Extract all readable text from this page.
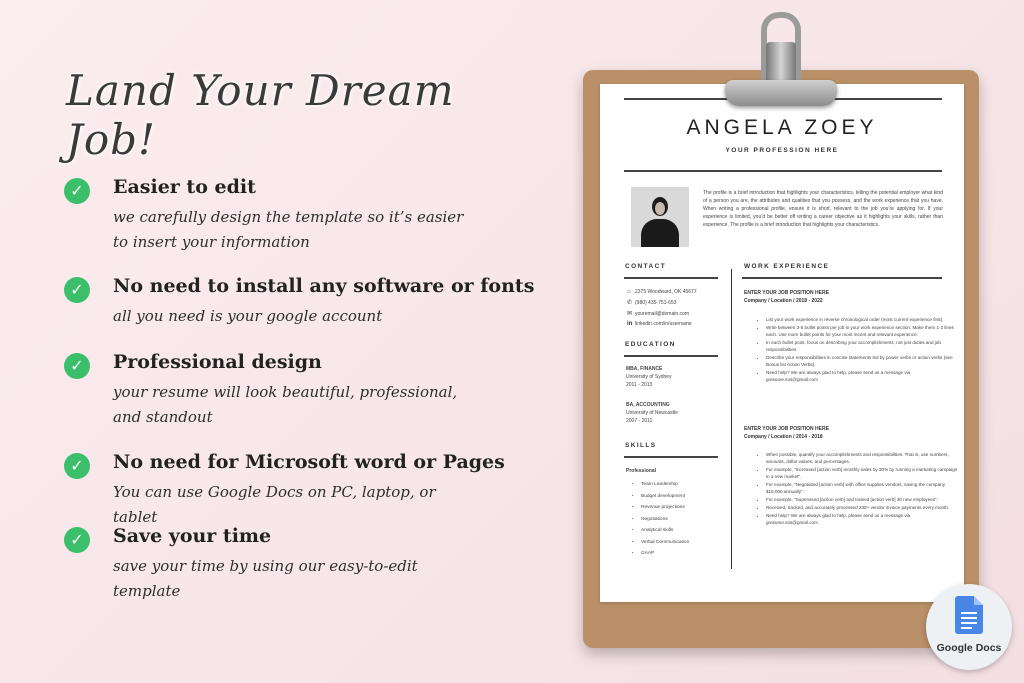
Land Your Dream Job!
✓	Easier to edit
we carefully design the template so it’s easier to insert your information
✓	No need to install any software or fonts
all you need is your google account
✓	Professional design
your resume will look beautiful, professional, and standout
✓	No need for Microsoft word or Pages
You can use Google Docs on PC, laptop, or tablet
✓	Save your time
save your time by using our easy-to-edit template
ANGELA ZOEY
YOUR PROFESSION HERE
The profile is a brief introduction that highlights your characteristics, telling the potential employer what kind of a person you are, the attributes and qualities that you possess, and the work experience that you have. When writing a professional profile, ensure it is short, relevant to the job you’re applying for. If your experience is limited, you’d be better off writing a career objective as it highlights your skills, rather than experience. The profile is a brief introduction that highlights your characteristics.
CONTACT
⌂ 2375 Woodward, OK 45677
✆ (980) 435-751-653
✉ youremail@domain.com
in linkedin.com/in/username
EDUCATION
MBA, FINANCE
University of Sydney
2011 - 2013
BA, ACCOUNTING
University of Newcastle
2007 - 2011
SKILLS
Professional
• Team Leadership
• Budget development
• Revenue projections
• Negotiations
• Analytical skills
• Verbal Communication
• GAAP
WORK EXPERIENCE
ENTER YOUR JOB POSITION HERE
Company / Location / 2018 - 2022
• List your work experience in reverse chronological order (most current experience first).
• Write between 3-5 bullet points per job in your work experience section. Make them 1-2 lines each. Use more bullet points for your most recent and relevant experience.
• In each bullet point, focus on describing your accomplishments, not just duties and job responsibilities.
• Describe your responsibilities in concise statements led by power verbs or action verbs (see Bonus list Action Verbs).
• Need help? We are always glad to help, please send us a message via gresume.sos@gmail.com
ENTER YOUR JOB POSITION HERE
Company / Location / 2014 - 2018
• When possible, quantify your accomplishments and responsibilities. That is, use numbers, amounts, dollar values, and percentages.
• For example, "Increased [action verb] monthly sales by 30% by running a marketing campaign in a new market".
• For example, "Negotiated [action verb] with office supplies vendors, saving the company $15,000 annually".
• For example, "Supervised [action verb] and trained [action verb] 30 new employees".
• Received, tracked, and accurately processed 230+ vendor invoice payments every month.
• Need help? We are always glad to help, please send us a message via gresume.sos@gmail.com
Google Docs
